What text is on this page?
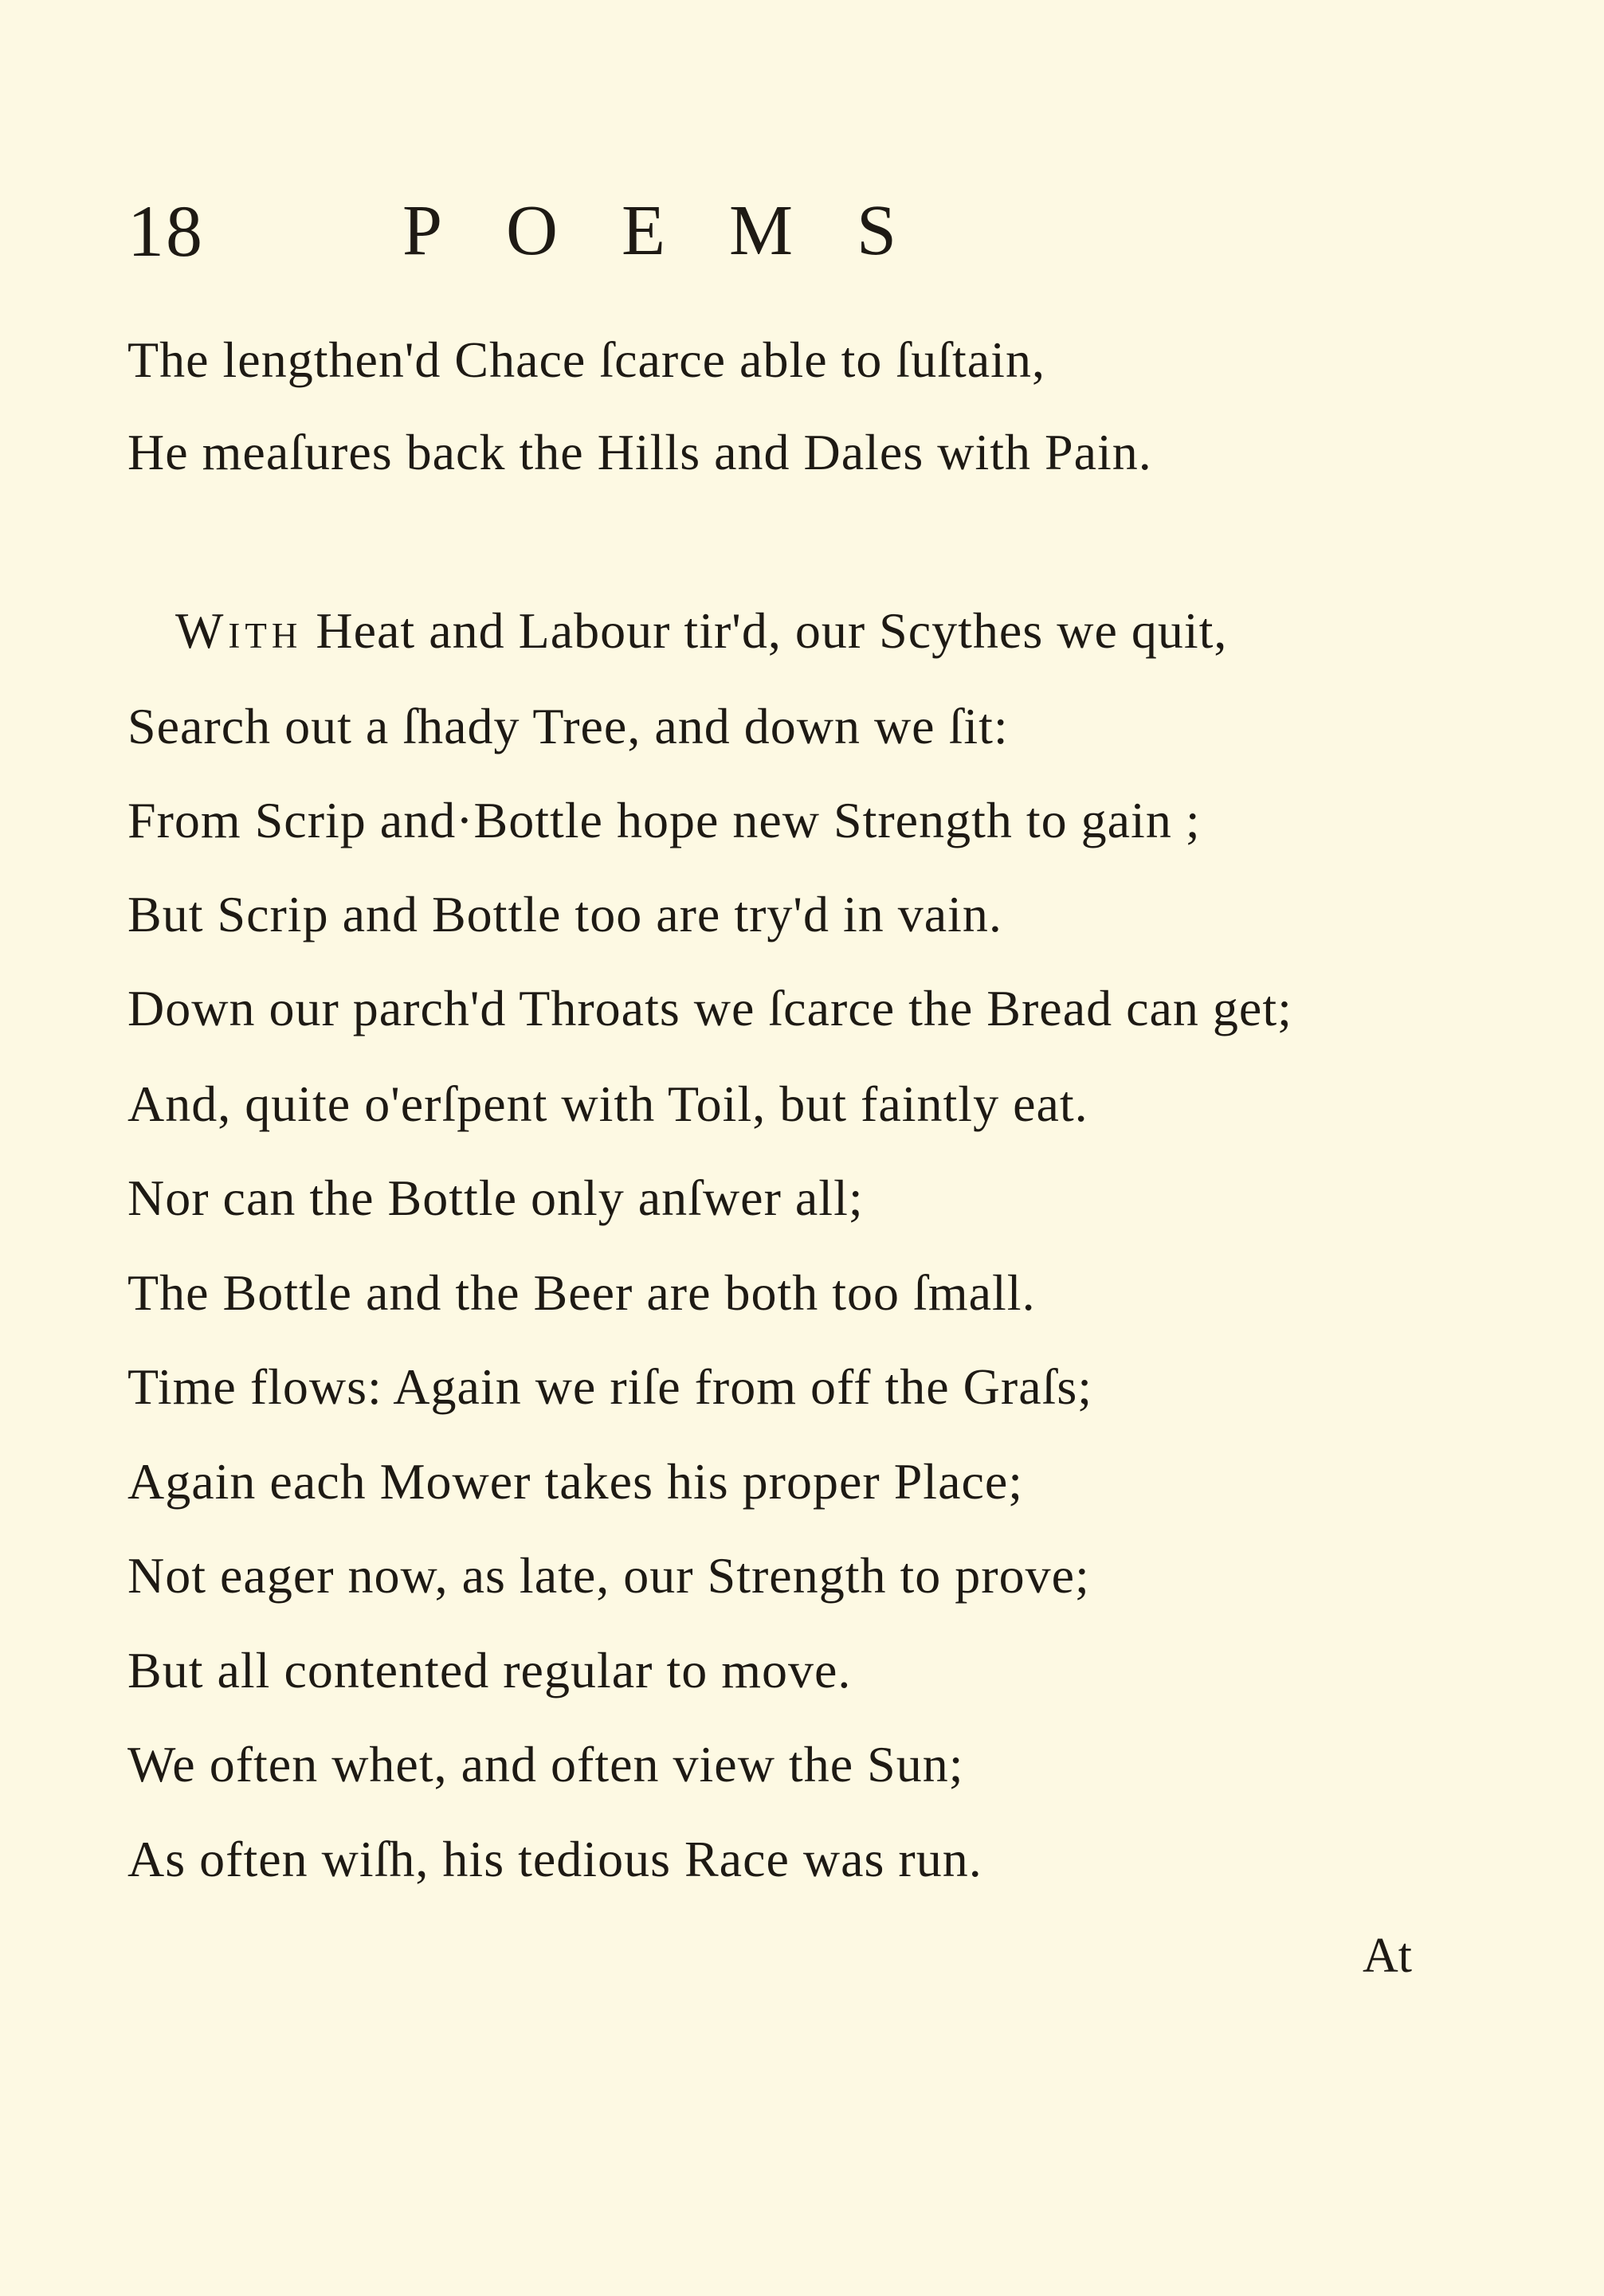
18	POEMS
The lengthen'd Chace ſcarce able to ſuſtain,
He meaſures back the Hills and Dales with Pain.
With Heat and Labour tir'd, our Scythes we quit,
Search out a ſhady Tree, and down we ſit:
From Scrip and·Bottle hope new Strength to gain ;
But Scrip and Bottle too are try'd in vain.
Down our parch'd Throats we ſcarce the Bread can get;
And, quite o'erſpent with Toil, but faintly eat.
Nor can the Bottle only anſwer all;
The Bottle and the Beer are both too ſmall.
Time flows: Again we riſe from off the Graſs;
Again each Mower takes his proper Place;
Not eager now, as late, our Strength to prove;
But all contented regular to move.
We often whet, and often view the Sun;
As often wiſh, his tedious Race was run.
At
